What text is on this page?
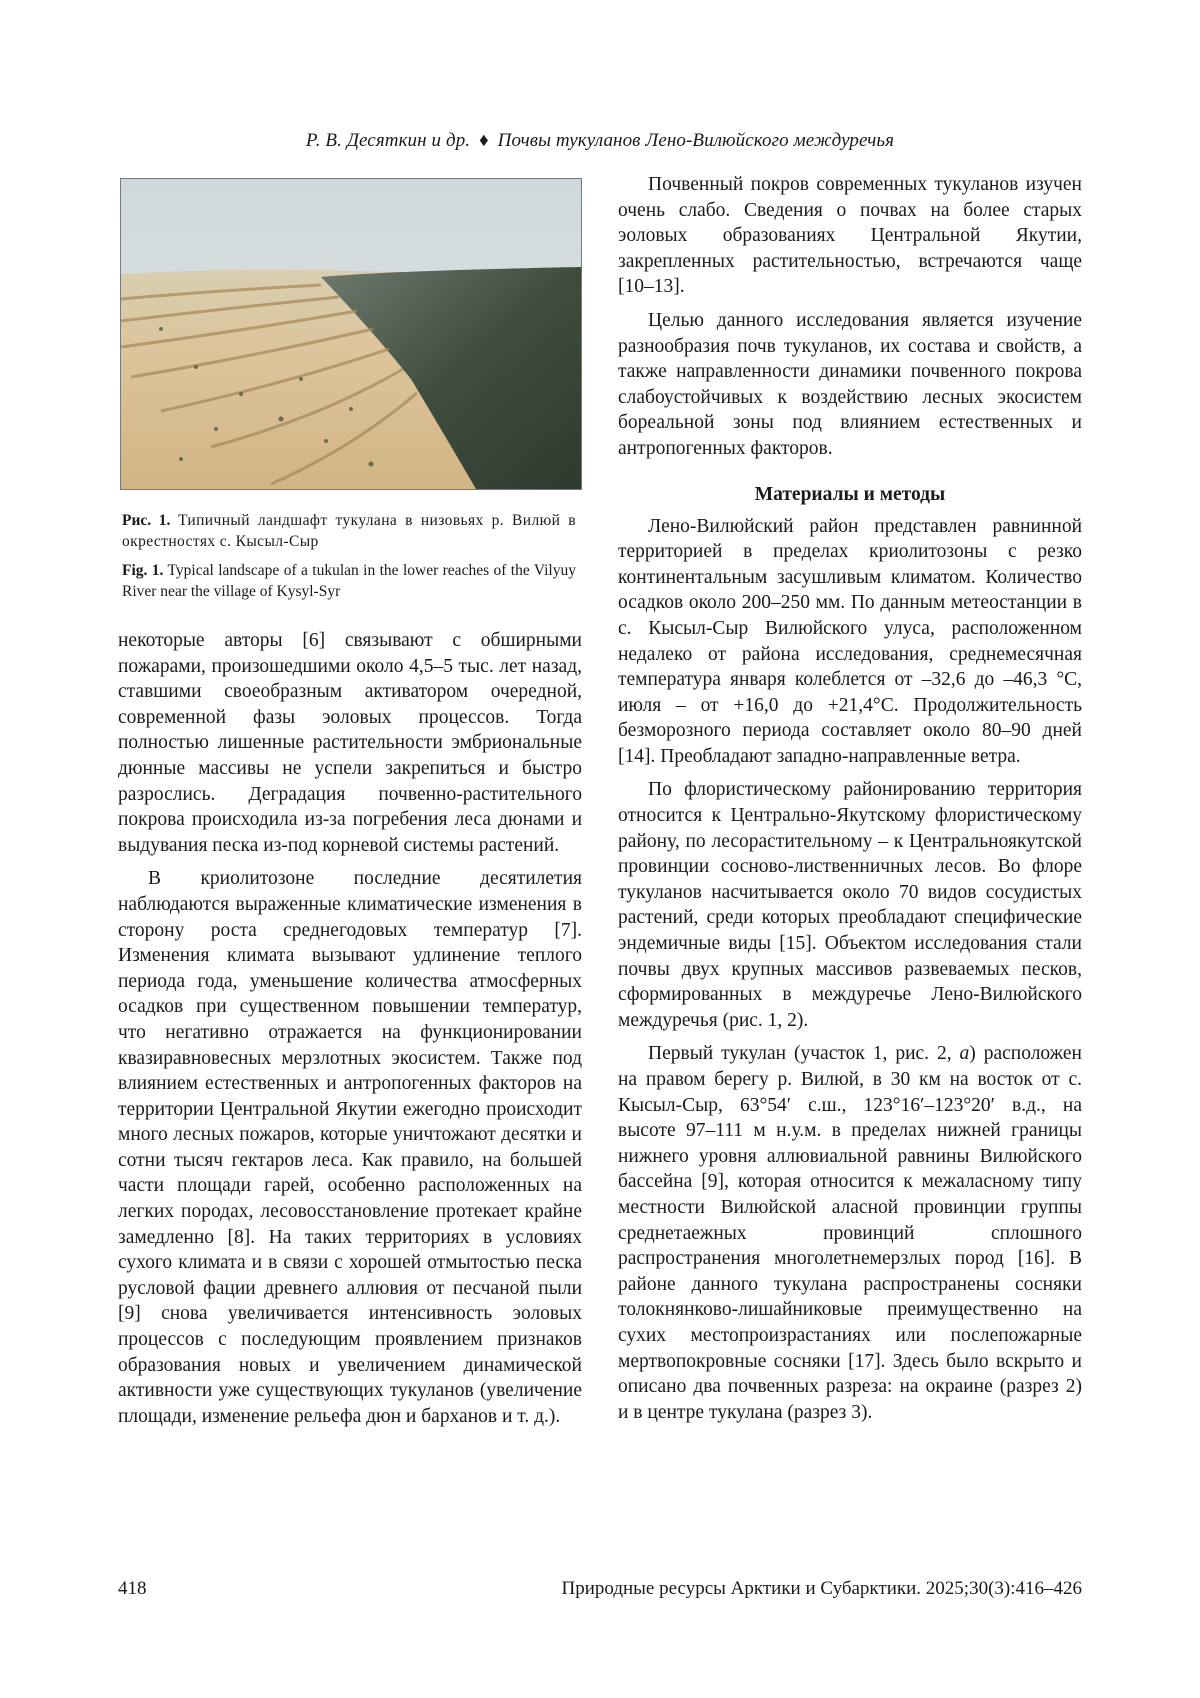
Р. В. Десяткин и др. ♦ Почвы тукуланов Лено-Вилюйского междуречья
Рис. 1. Типичный ландшафт тукулана в низовьях р. Вилюй в окрестностях с. Кысыл-Сыр
Fig. 1. Typical landscape of a tukulan in the lower reaches of the Vilyuy River near the village of Kysyl-Syr

некоторые авторы [6] связывают с обширными пожарами, произошедшими около 4,5–5 тыс. лет назад, ставшими своеобразным активатором очередной, современной фазы эоловых процессов. Тогда полностью лишенные растительности эмбриональные дюнные массивы не успели закрепиться и быстро разрослись. Деградация почвенно-растительного покрова происходила из-за погребения леса дюнами и выдувания песка из-под корневой системы растений.

В криолитозоне последние десятилетия наблюдаются выраженные климатические изменения в сторону роста среднегодовых температур [7]. Изменения климата вызывают удлинение теплого периода года, уменьшение количества атмосферных осадков при существенном повышении температур, что негативно отражается на функционировании квазиравновесных мерзлотных экосистем. Также под влиянием естественных и антропогенных факторов на территории Центральной Якутии ежегодно происходит много лесных пожаров, которые уничтожают десятки и сотни тысяч гектаров леса. Как правило, на большей части площади гарей, особенно расположенных на легких породах, лесовосстановление протекает крайне замедленно [8]. На таких территориях в условиях сухого климата и в связи с хорошей отмытостью песка русловой фации древнего аллювия от песчаной пыли [9] снова увеличивается интенсивность эоловых процессов с последующим проявлением признаков образования новых и увеличением динамической активности уже существующих тукуланов (увеличение площади, изменение рельефа дюн и барханов и т. д.).

Почвенный покров современных тукуланов изучен очень слабо. Сведения о почвах на более старых эоловых образованиях Центральной Якутии, закрепленных растительностью, встречаются чаще [10–13].

Целью данного исследования является изучение разнообразия почв тукуланов, их состава и свойств, а также направленности динамики почвенного покрова слабоустойчивых к воздействию лесных экосистем бореальной зоны под влиянием естественных и антропогенных факторов.

Материалы и методы

Лено-Вилюйский район представлен равнинной территорией в пределах криолитозоны с резко континентальным засушливым климатом. Количество осадков около 200–250 мм. По данным метеостанции в с. Кысыл-Сыр Вилюйского улуса, расположенном недалеко от района исследования, среднемесячная температура января колеблется от –32,6 до –46,3 °С, июля – от +16,0 до +21,4°С. Продолжительность безморозного периода составляет около 80–90 дней [14]. Преобладают западно-направленные ветра.

По флористическому районированию территория относится к Центрально-Якутскому флористическому району, по лесорастительному – к Центральноякутской провинции сосново-лиственничных лесов. Во флоре тукуланов насчитывается около 70 видов сосудистых растений, среди которых преобладают специфические эндемичные виды [15]. Объектом исследования стали почвы двух крупных массивов развеваемых песков, сформированных в междуречье Лено-Вилюйского междуречья (рис. 1, 2).

Первый тукулан (участок 1, рис. 2, а) расположен на правом берегу р. Вилюй, в 30 км на восток от с. Кысыл-Сыр, 63°54′ с.ш., 123°16′–123°20′ в.д., на высоте 97–111 м н.у.м. в пределах нижней границы нижнего уровня аллювиальной равнины Вилюйского бассейна [9], которая относится к межаласному типу местности Вилюйской аласной провинции группы среднетаежных провинций сплошного распространения многолетнемерзлых пород [16]. В районе данного тукулана распространены сосняки толокнянково-лишайниковые преимущественно на сухих местопроизрастаниях или послепожарные мертвопокровные сосняки [17]. Здесь было вскрыто и описано два почвенных разреза: на окраине (разрез 2) и в центре тукулана (разрез 3).

418	Природные ресурсы Арктики и Субарктики. 2025;30(3):416–426
